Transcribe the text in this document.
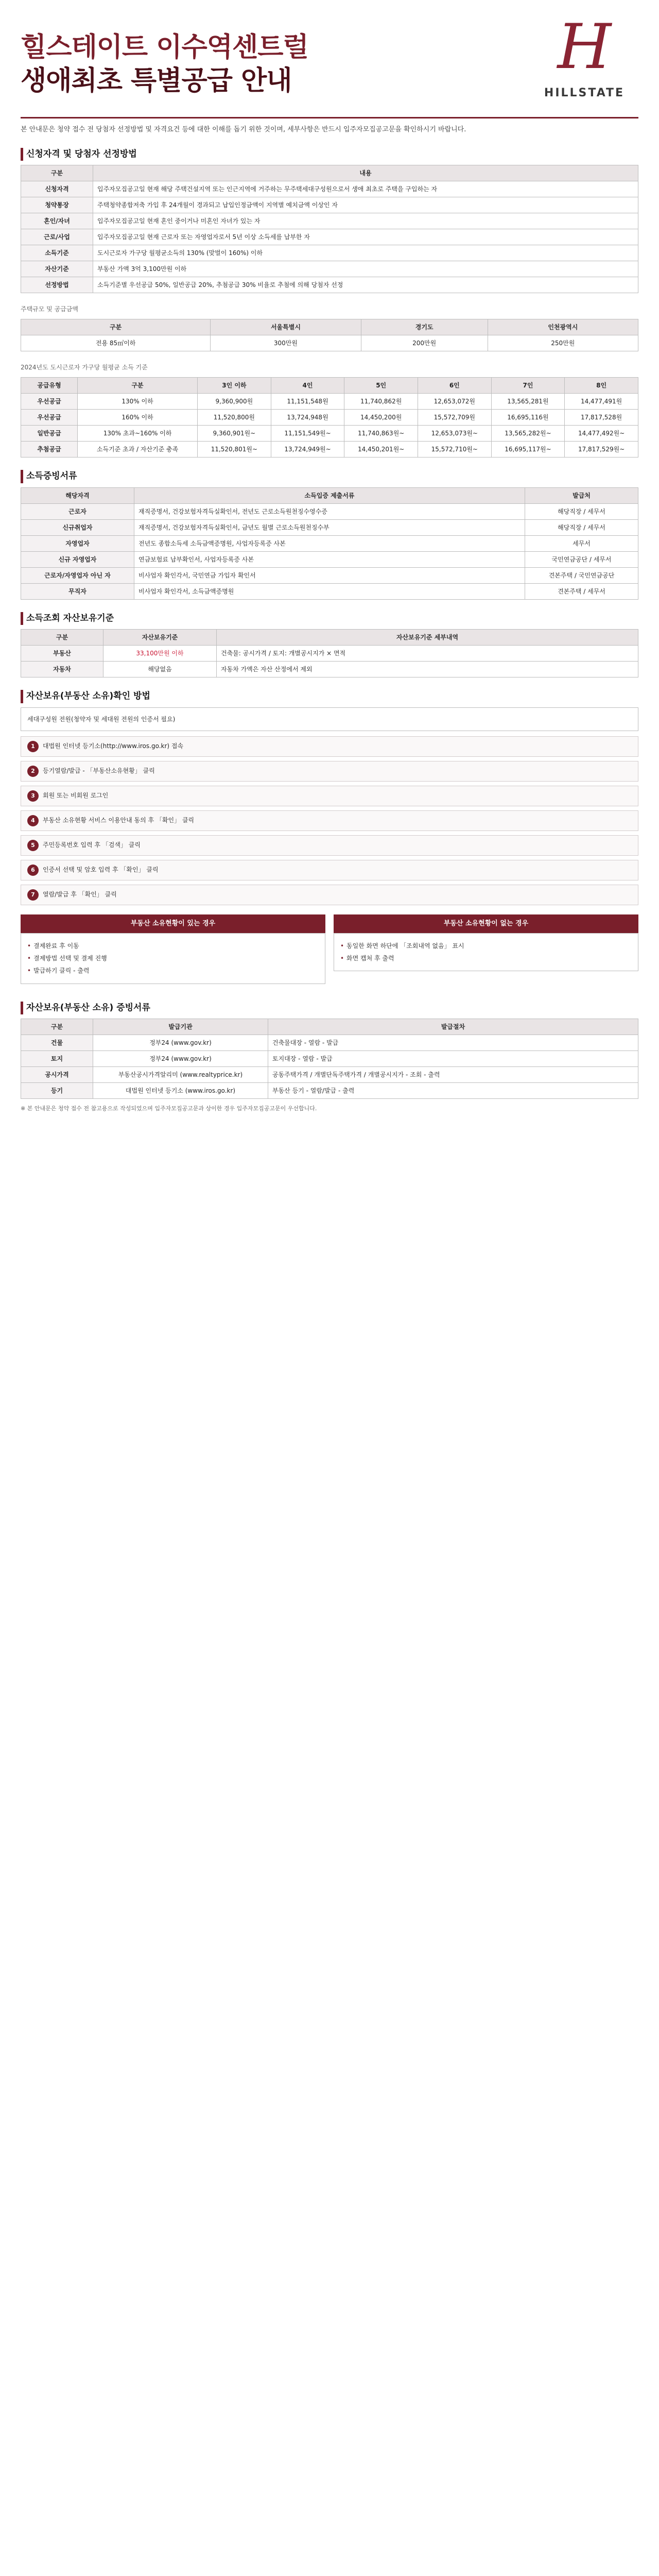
힐스테이트 이수역센트럴
생애최초 특별공급 안내	H
HILLSTATE

본 안내문은 청약 접수 전 당첨자 선정방법 및 자격요건 등에 대한 이해를 돕기 위한 것이며, 세부사항은 반드시 입주자모집공고문을 확인하시기 바랍니다.

신청자격 및 당첨자 선정방법
구분	내용
신청자격	입주자모집공고일 현재 해당 주택건설지역 또는 인근지역에 거주하는 무주택세대구성원으로서 생애 최초로 주택을 구입하는 자
청약통장	주택청약종합저축 가입 후 24개월이 경과되고 납입인정금액이 지역별 예치금액 이상인 자
혼인/자녀	입주자모집공고일 현재 혼인 중이거나 미혼인 자녀가 있는 자
근로/사업	입주자모집공고일 현재 근로자 또는 자영업자로서 5년 이상 소득세를 납부한 자
소득기준	도시근로자 가구당 월평균소득의 130% (맞벌이 160%) 이하
자산기준	부동산 가액 3억 3,100만원 이하
선정방법	소득기준별 우선공급 50%, 일반공급 20%, 추첨공급 30% 비율로 추첨에 의해 당첨자 선정
주택규모 및 공급금액
구분	서울특별시	경기도	인천광역시
전용 85㎡이하	300만원	200만원	250만원
2024년도 도시근로자 가구당 월평균 소득 기준
공급유형	구분	3인 이하	4인	5인	6인	7인	8인
우선공급	130% 이하	9,360,900원	11,151,548원	11,740,862원	12,653,072원	13,565,281원	14,477,491원
우선공급	160% 이하	11,520,800원	13,724,948원	14,450,200원	15,572,709원	16,695,116원	17,817,528원
일반공급	130% 초과~160% 이하	9,360,901원~	11,151,549원~	11,740,863원~	12,653,073원~	13,565,282원~	14,477,492원~
추첨공급	소득기준 초과 / 자산기준 충족	11,520,801원~	13,724,949원~	14,450,201원~	15,572,710원~	16,695,117원~	17,817,529원~
소득증빙서류
해당자격	소득입증 제출서류	발급처
근로자	재직증명서, 건강보험자격득실확인서, 전년도 근로소득원천징수영수증	해당직장 / 세무서
신규취업자	재직증명서, 건강보험자격득실확인서, 금년도 월별 근로소득원천징수부	해당직장 / 세무서
자영업자	전년도 종합소득세 소득금액증명원, 사업자등록증 사본	세무서
신규 자영업자	연금보험료 납부확인서, 사업자등록증 사본	국민연금공단 / 세무서
근로자/자영업자 아닌 자	비사업자 확인각서, 국민연금 가입자 확인서	견본주택 / 국민연금공단
무직자	비사업자 확인각서, 소득금액증명원	견본주택 / 세무서
소득조회 자산보유기준
구분	자산보유기준	자산보유기준 세부내역
부동산	33,100만원 이하	건축물: 공시가격 / 토지: 개별공시지가 × 면적
자동차	해당없음	자동차 가액은 자산 산정에서 제외
자산보유(부동산 소유)확인 방법
세대구성원 전원(청약자 및 세대원 전원의 인증서 필요)
1 대법원 인터넷 등기소(http://www.iros.go.kr) 접속
2 등기열람/발급 - 「부동산소유현황」 클릭
3 회원 또는 비회원 로그인
4 부동산 소유현황 서비스 이용안내 동의 후 「확인」 클릭
5 주민등록번호 입력 후 「검색」 클릭
6 인증서 선택 및 암호 입력 후 「확인」 클릭
7 열람/발급 후 「확인」 클릭
부동산 소유현황이 있는 경우
• 결제완료 후 이동
• 결제방법 선택 및 결제 진행
• 발급하기 클릭 - 출력
부동산 소유현황이 없는 경우
• 동일한 화면 하단에 「조회내역 없음」 표시
• 화면 캡처 후 출력
자산보유(부동산 소유) 증빙서류
구분	발급기관	발급절차
건물	정부24 (www.gov.kr)	건축물대장 - 열람 - 발급
토지	정부24 (www.gov.kr)	토지대장 - 열람 - 발급
공시가격	부동산공시가격알리미 (www.realtyprice.kr)	공동주택가격 / 개별단독주택가격 / 개별공시지가 - 조회 - 출력
등기	대법원 인터넷 등기소 (www.iros.go.kr)	부동산 등기 - 열람/발급 - 출력

※ 본 안내문은 청약 접수 전 참고용으로 작성되었으며 입주자모집공고문과 상이한 경우 입주자모집공고문이 우선합니다.
